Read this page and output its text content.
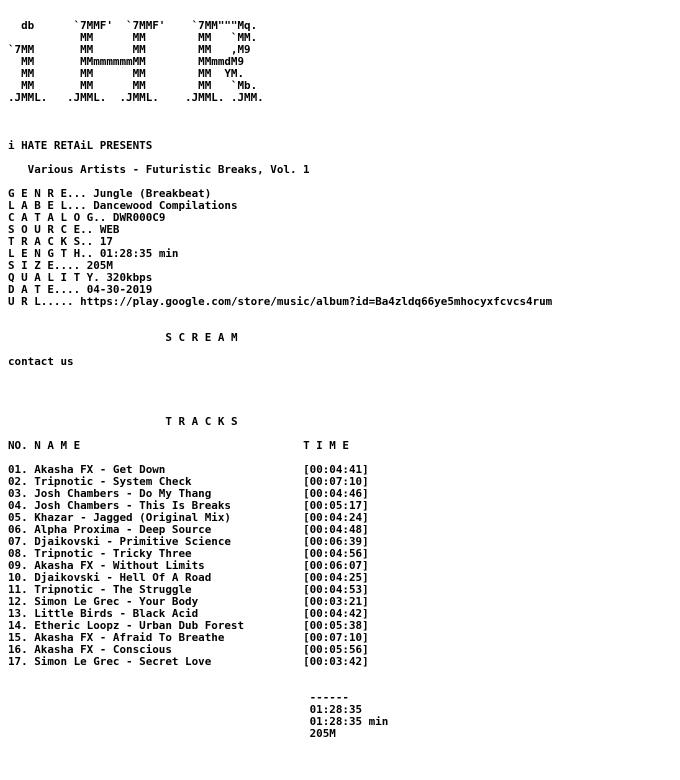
db      `7MMF'  `7MMF'    `7MM"""Mq.
MM      MM        MM   `MM.
`7MM       MM      MM        MM   ,M9
MM       MMmmmmmmMM        MMmmdM9
MM       MM      MM        MM  YM.
MM       MM      MM        MM   `Mb.
.JMML.   .JMML.  .JMML.    .JMML. .JMM.
i HATE RETAiL PRESENTS
Various Artists - Futuristic Breaks, Vol. 1
G E N R E... Jungle (Breakbeat)
L A B E L... Dancewood Compilations
C A T A L O G.. DWR000C9
S O U R C E.. WEB
T R A C K S.. 17
L E N G T H.. 01:28:35 min
S I Z E.... 205M
Q U A L I T Y. 320kbps
D A T E.... 04-30-2019
U R L..... https://play.google.com/store/music/album?id=Ba4zldq66ye5mhocyxfcvcs4rum
S C R E A M
contact us
T R A C K S
NO. N A M E	T I M E
01. Akasha FX - Get Down	[00:04:41]
02. Tripnotic - System Check	[00:07:10]
03. Josh Chambers - Do My Thang	[00:04:46]
04. Josh Chambers - This Is Breaks	[00:05:17]
05. Khazar - Jagged (Original Mix)	[00:04:24]
06. Alpha Proxima - Deep Source	[00:04:48]
07. Djaikovski - Primitive Science	[00:06:39]
08. Tripnotic - Tricky Three	[00:04:56]
09. Akasha FX - Without Limits	[00:06:07]
10. Djaikovski - Hell Of A Road	[00:04:25]
11. Tripnotic - The Struggle	[00:04:53]
12. Simon Le Grec - Your Body	[00:03:21]
13. Little Birds - Black Acid	[00:04:42]
14. Etheric Loopz - Urban Dub Forest	[00:05:38]
15. Akasha FX - Afraid To Breathe	[00:07:10]
16. Akasha FX - Conscious	[00:05:56]
17. Simon Le Grec - Secret Love	[00:03:42]
------
01:28:35
01:28:35 min
205M
